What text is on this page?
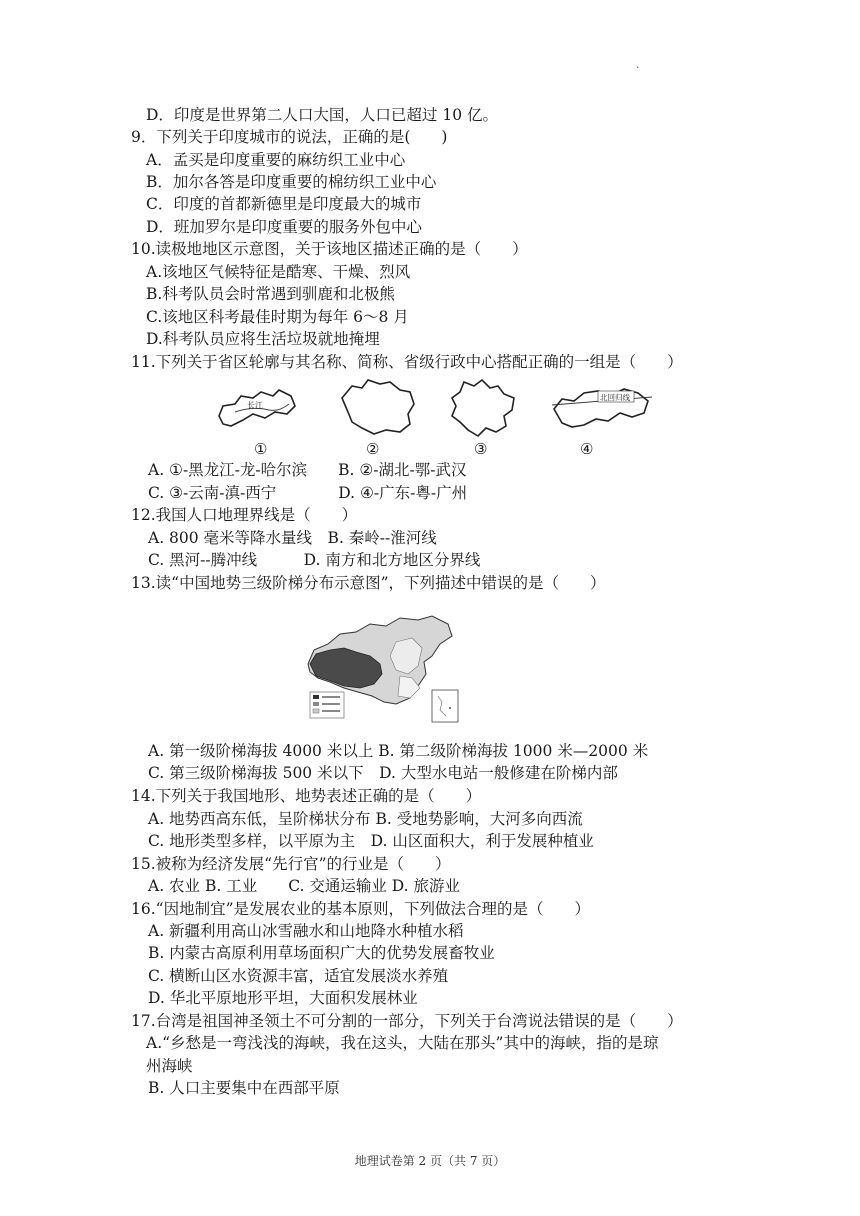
.
D．印度是世界第二人口大国，人口已超过 10 亿。
9．下列关于印度城市的说法，正确的是(　　)
A．孟买是印度重要的麻纺织工业中心
B．加尔各答是印度重要的棉纺织工业中心
C．印度的首都新德里是印度最大的城市
D．班加罗尔是印度重要的服务外包中心
10.读极地地区示意图，关于该地区描述正确的是（　　）
A.该地区气候特征是酷寒、干燥、烈风
B.科考队员会时常遇到驯鹿和北极熊
C.该地区科考最佳时期为每年 6～8 月
D.科考队员应将生活垃圾就地掩埋
11.下列关于省区轮廓与其名称、简称、省级行政中心搭配正确的一组是（　　）
长江
北回归线
①	②	③	④
A. ①-黑龙江-龙-哈尔滨　　B. ②-湖北-鄂-武汉
C. ③-云南-滇-西宁　　　　D. ④-广东-粤-广州
12.我国人口地理界线是（　　）
A. 800 毫米等降水量线　B. 秦岭--淮河线
C. 黑河--腾冲线　　　D. 南方和北方地区分界线
13.读“中国地势三级阶梯分布示意图”，下列描述中错误的是（　　）
A. 第一级阶梯海拔 4000 米以上 B. 第二级阶梯海拔 1000 米—2000 米
C. 第三级阶梯海拔 500 米以下　D. 大型水电站一般修建在阶梯内部
14.下列关于我国地形、地势表述正确的是（　　）
A. 地势西高东低，呈阶梯状分布 B. 受地势影响，大河多向西流
C. 地形类型多样，以平原为主　D. 山区面积大，利于发展种植业
15.被称为经济发展“先行官”的行业是（　　）
A. 农业 B. 工业　　C. 交通运输业 D. 旅游业
16.“因地制宜”是发展农业的基本原则，下列做法合理的是（　　）
A. 新疆利用高山冰雪融水和山地降水种植水稻
B. 内蒙古高原利用草场面积广大的优势发展畜牧业
C. 横断山区水资源丰富，适宜发展淡水养殖
D. 华北平原地形平坦，大面积发展林业
17.台湾是祖国神圣领土不可分割的一部分，下列关于台湾说法错误的是（　　）
A.“乡愁是一弯浅浅的海峡，我在这头，大陆在那头”其中的海峡，指的是琼
州海峡
B. 人口主要集中在西部平原
地理试卷第 2 页（共 7 页）
